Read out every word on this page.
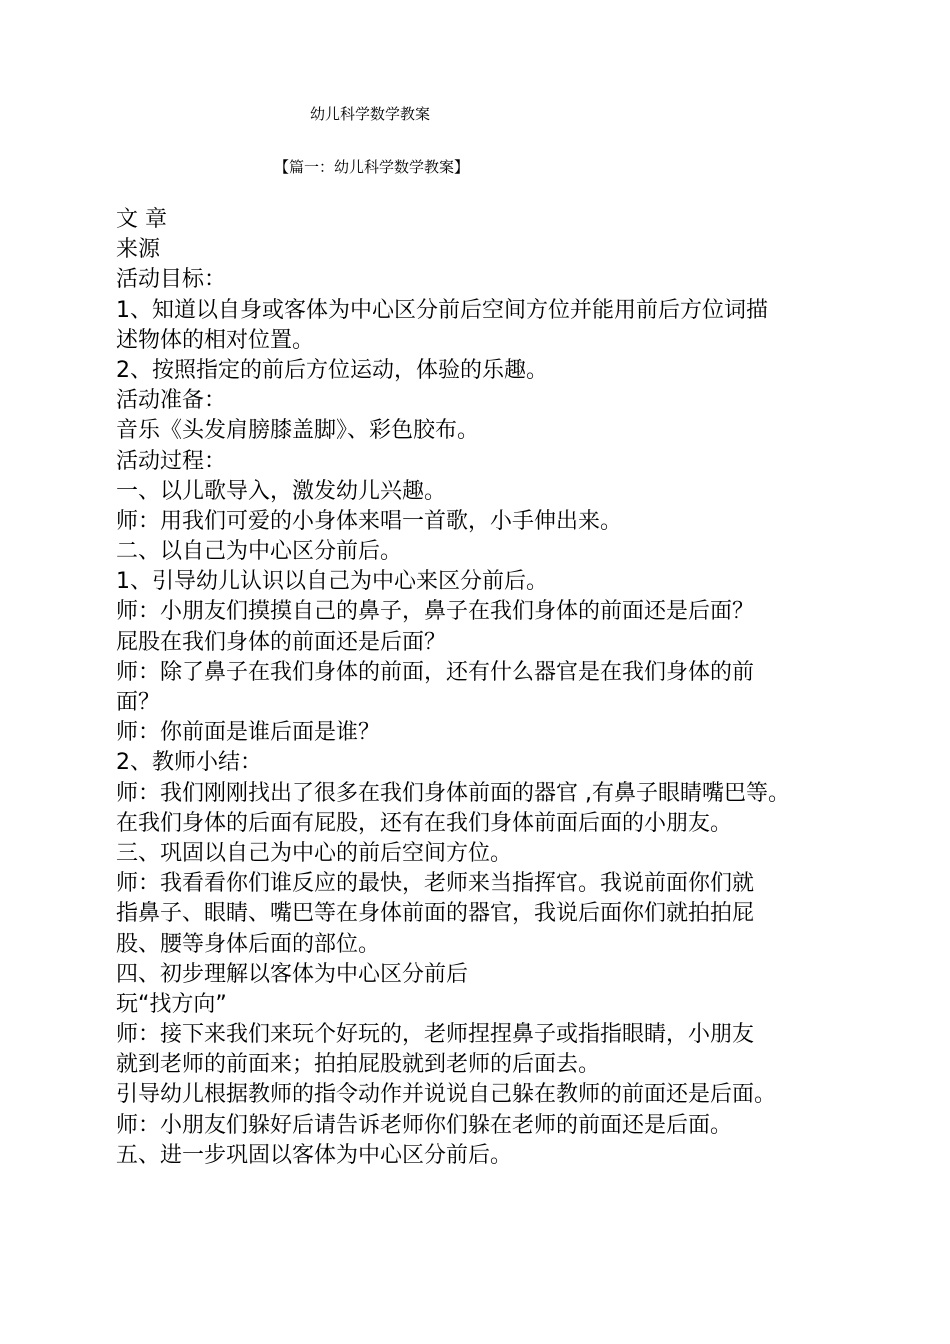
幼儿科学数学教案
【篇一：幼儿科学数学教案】
文 章
来源
活动目标：
1、知道以自身或客体为中心区分前后空间方位并能用前后方位词描
述物体的相对位置。
2、按照指定的前后方位运动，体验的乐趣。
活动准备：
音乐《头发肩膀膝盖脚》、彩色胶布。
活动过程：
一、以儿歌导入，激发幼儿兴趣。
师：用我们可爱的小身体来唱一首歌，小手伸出来。
二、以自己为中心区分前后。
1、引导幼儿认识以自己为中心来区分前后。
师：小朋友们摸摸自己的鼻子，鼻子在我们身体的前面还是后面？
屁股在我们身体的前面还是后面？
师：除了鼻子在我们身体的前面，还有什么器官是在我们身体的前
面？
师：你前面是谁后面是谁？
2、教师小结：
师：我们刚刚找出了很多在我们身体前面的器官 ,有鼻子眼睛嘴巴等。
在我们身体的后面有屁股，还有在我们身体前面后面的小朋友。
三、巩固以自己为中心的前后空间方位。
师：我看看你们谁反应的最快，老师来当指挥官。我说前面你们就
指鼻子、眼睛、嘴巴等在身体前面的器官，我说后面你们就拍拍屁
股、腰等身体后面的部位。
四、初步理解以客体为中心区分前后
玩“找方向”
师：接下来我们来玩个好玩的，老师捏捏鼻子或指指眼睛，小朋友
就到老师的前面来；拍拍屁股就到老师的后面去。
引导幼儿根据教师的指令动作并说说自己躲在教师的前面还是后面。
师：小朋友们躲好后请告诉老师你们躲在老师的前面还是后面。
五、进一步巩固以客体为中心区分前后。
